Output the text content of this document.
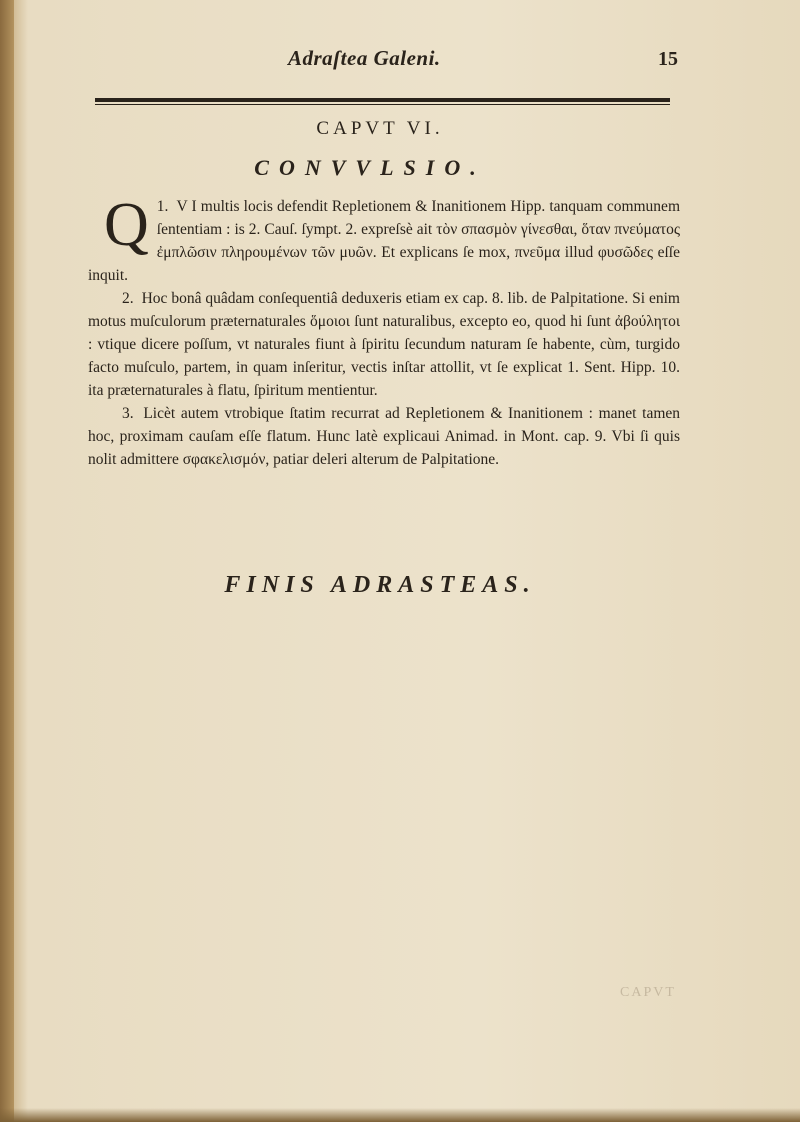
Adraſtea Galeni.	15
CAPVT VI.
CONVVLSIO.

1.
Q V I multis locis defendit Repletionem & Inanitionem Hipp. tanquam communem ſententiam : is 2. Cauſ. ſympt. 2. expreſsè ait τὸν σπασμὸν γίνεσθαι, ὅταν πνεύματος ἐμπλῶσιν πληρουμένων τῶν μυῶν. Et explicans ſe mox, πνεῦμα illud φυσῶδες eſſe inquit.

2. Hoc bonâ quâdam conſequentiâ deduxeris etiam ex cap. 8. lib. de Palpitatione. Si enim motus muſculorum præternaturales ὅμοιοι ſunt naturalibus, excepto eo, quod hi ſunt ἀβούλητοι : vtique dicere poſſum, vt naturales fiunt à ſpiritu ſecundum naturam ſe habente, cùm, turgido facto muſculo, partem, in quam inſeritur, vectis inſtar attollit, vt ſe explicat 1. Sent. Hipp. 10. ita præternaturales à flatu, ſpiritum mentientur.

3. Licèt autem vtrobique ſtatim recurrat ad Repletionem & Inanitionem : manet tamen hoc, proximam cauſam eſſe flatum. Hunc latè explicaui Animad. in Mont. cap. 9. Vbi ſi quis nolit admittere σφακελισμόν, patiar deleri alterum de Palpitatione.

FINIS ADRASTEAS.
CAPVT
